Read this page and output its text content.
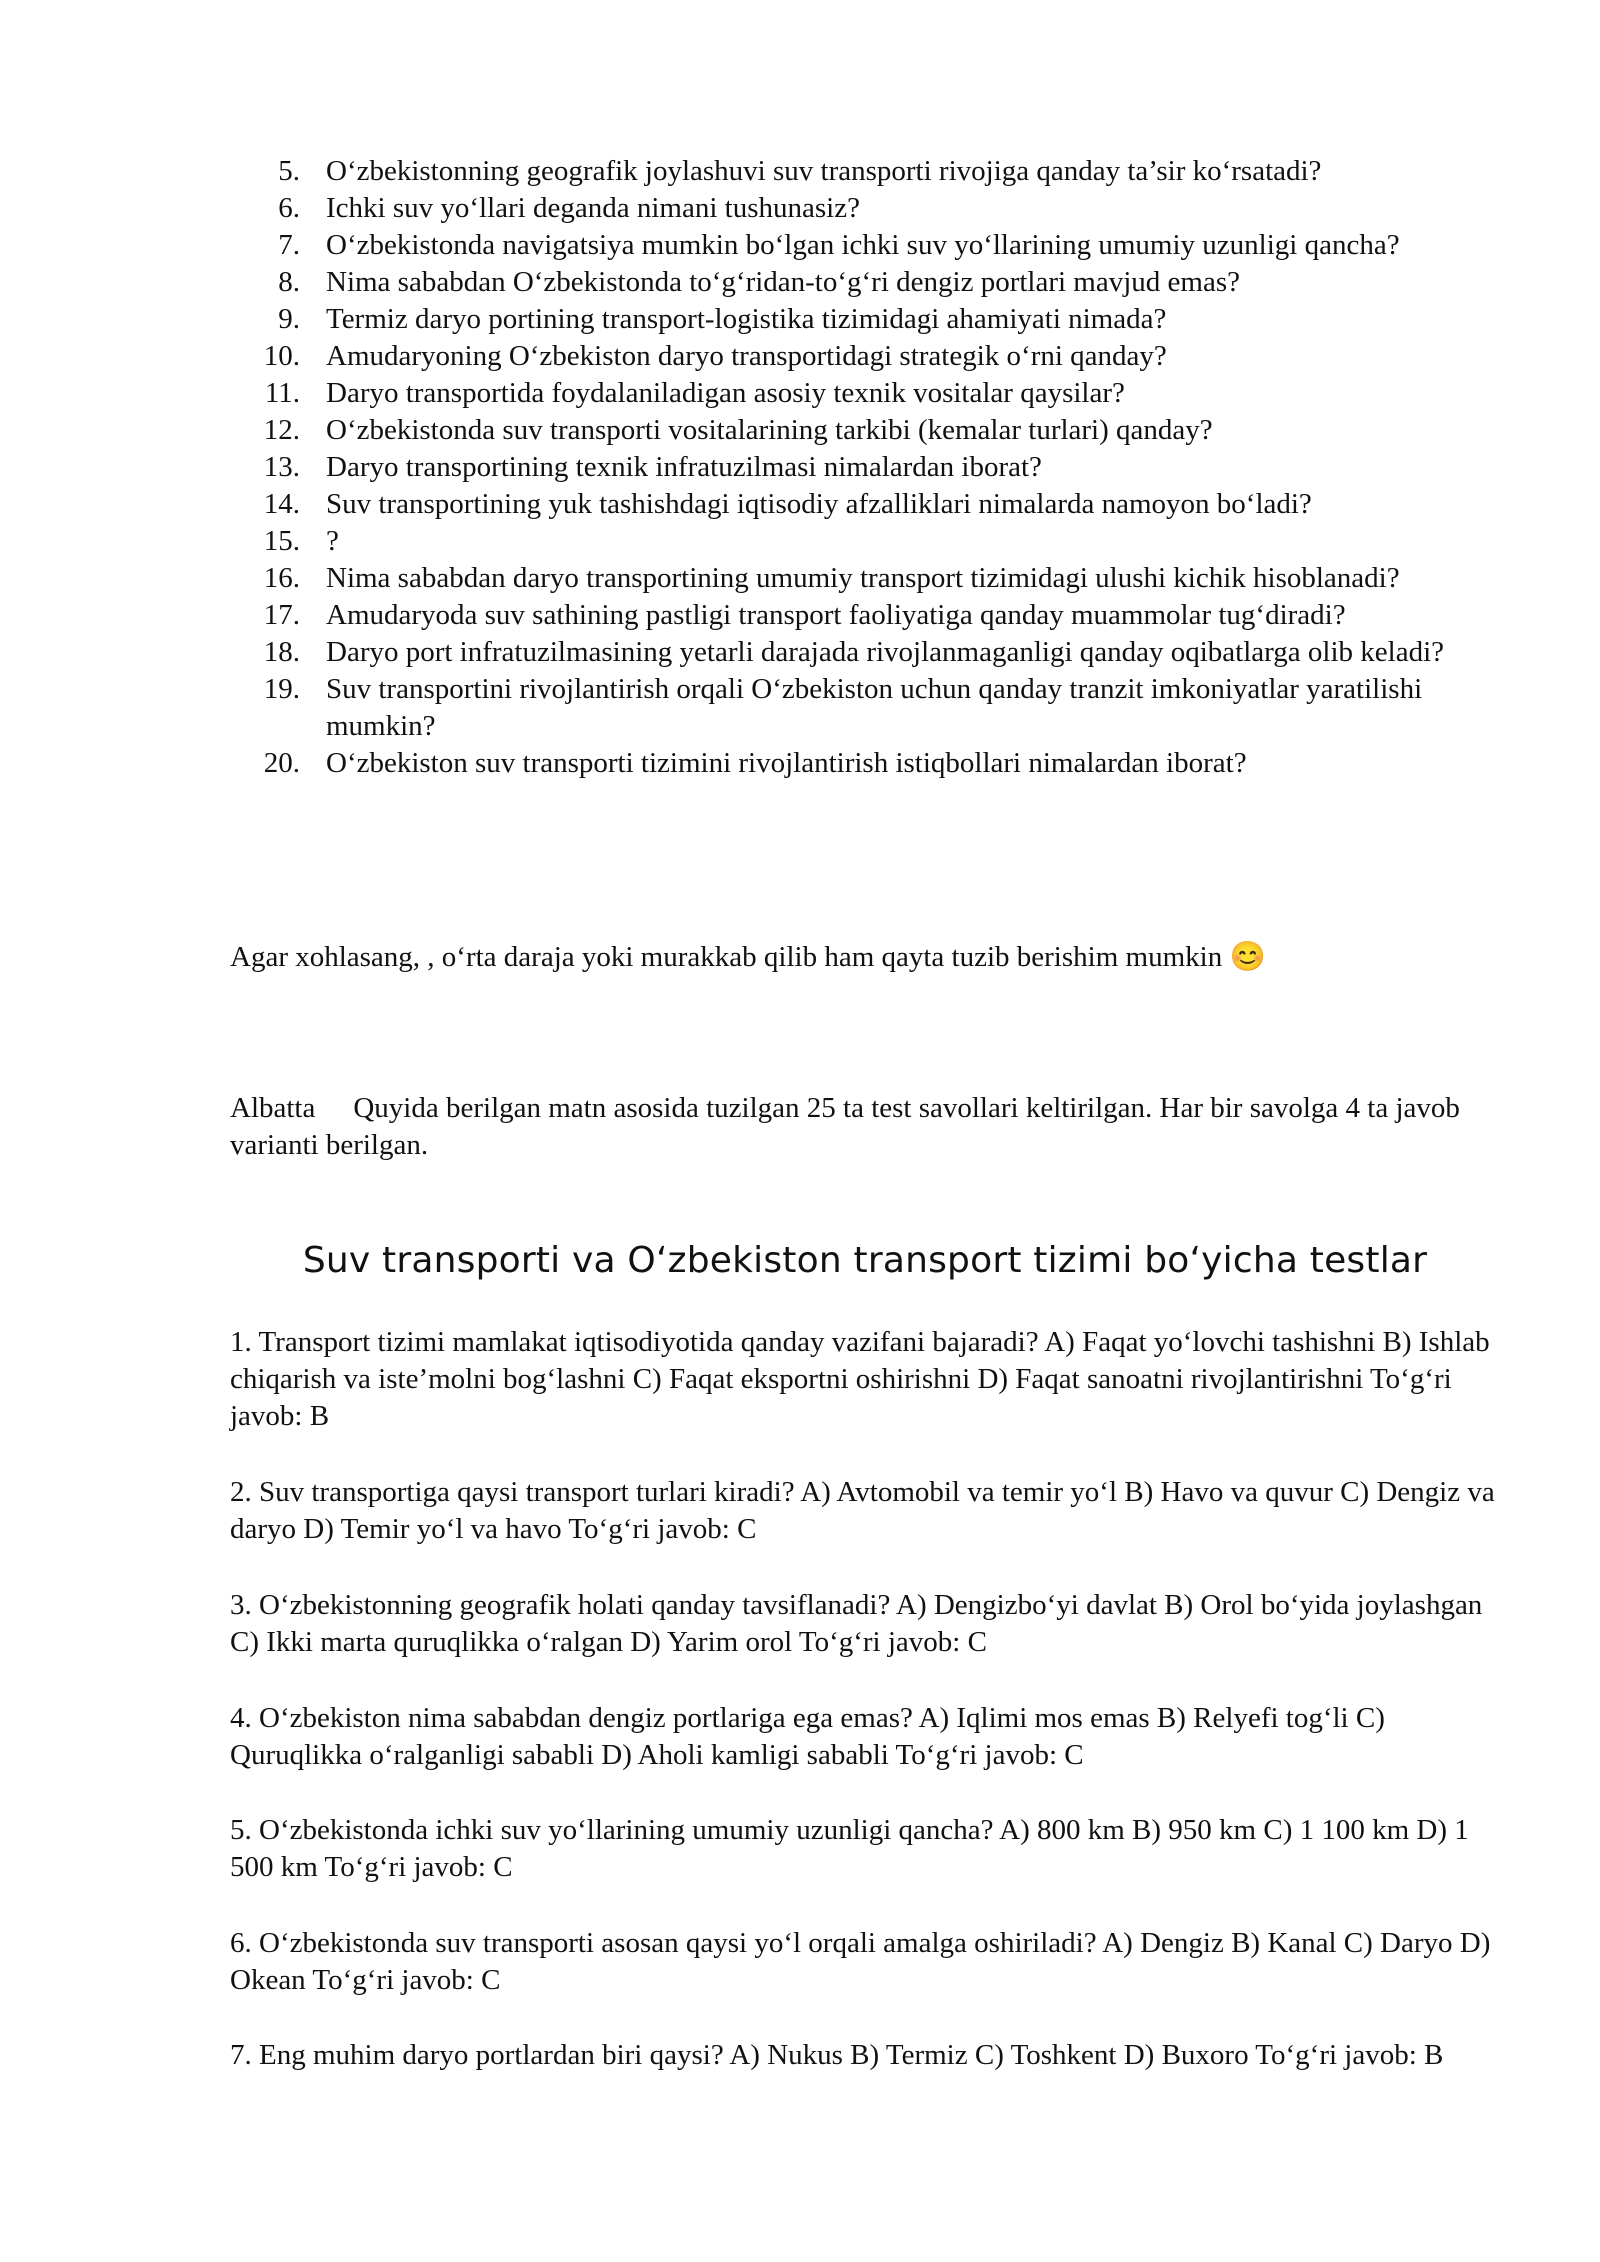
5. O‘zbekistonning geografik joylashuvi suv transporti rivojiga qanday ta’sir ko‘rsatadi?
6. Ichki suv yo‘llari deganda nimani tushunasiz?
7. O‘zbekistonda navigatsiya mumkin bo‘lgan ichki suv yo‘llarining umumiy uzunligi qancha?
8. Nima sababdan O‘zbekistonda to‘g‘ridan-to‘g‘ri dengiz portlari mavjud emas?
9. Termiz daryo portining transport-logistika tizimidagi ahamiyati nimada?
10. Amudaryoning O‘zbekiston daryo transportidagi strategik o‘rni qanday?
11. Daryo transportida foydalaniladigan asosiy texnik vositalar qaysilar?
12. O‘zbekistonda suv transporti vositalarining tarkibi (kemalar turlari) qanday?
13. Daryo transportining texnik infratuzilmasi nimalardan iborat?
14. Suv transportining yuk tashishdagi iqtisodiy afzalliklari nimalarda namoyon bo‘ladi?
15. ?
16. Nima sababdan daryo transportining umumiy transport tizimidagi ulushi kichik hisoblanadi?
17. Amudaryoda suv sathining pastligi transport faoliyatiga qanday muammolar tug‘diradi?
18. Daryo port infratuzilmasining yetarli darajada rivojlanmaganligi qanday oqibatlarga olib keladi?
19. Suv transportini rivojlantirish orqali O‘zbekiston uchun qanday tranzit imkoniyatlar yaratilishi mumkin?
20. O‘zbekiston suv transporti tizimini rivojlantirish istiqbollari nimalardan iborat?

Agar xohlasang, , o‘rta daraja yoki murakkab qilib ham qayta tuzib berishim mumkin 😊

Albatta Quyida berilgan matn asosida tuzilgan 25 ta test savollari keltirilgan. Har bir savolga 4 ta javob varianti berilgan.

Suv transporti va O‘zbekiston transport tizimi bo‘yicha testlar

1. Transport tizimi mamlakat iqtisodiyotida qanday vazifani bajaradi? A) Faqat yo‘lovchi tashishni B) Ishlab chiqarish va iste’molni bog‘lashni C) Faqat eksportni oshirishni D) Faqat sanoatni rivojlantirishni To‘g‘ri javob: B

2. Suv transportiga qaysi transport turlari kiradi? A) Avtomobil va temir yo‘l B) Havo va quvur C) Dengiz va daryo D) Temir yo‘l va havo To‘g‘ri javob: C

3. O‘zbekistonning geografik holati qanday tavsiflanadi? A) Dengizbo‘yi davlat B) Orol bo‘yida joylashgan C) Ikki marta quruqlikka o‘ralgan D) Yarim orol To‘g‘ri javob: C

4. O‘zbekiston nima sababdan dengiz portlariga ega emas? A) Iqlimi mos emas B) Relyefi tog‘li C) Quruqlikka o‘ralganligi sababli D) Aholi kamligi sababli To‘g‘ri javob: C

5. O‘zbekistonda ichki suv yo‘llarining umumiy uzunligi qancha? A) 800 km B) 950 km C) 1 100 km D) 1 500 km To‘g‘ri javob: C

6. O‘zbekistonda suv transporti asosan qaysi yo‘l orqali amalga oshiriladi? A) Dengiz B) Kanal C) Daryo D) Okean To‘g‘ri javob: C

7. Eng muhim daryo portlardan biri qaysi? A) Nukus B) Termiz C) Toshkent D) Buxoro To‘g‘ri javob: B
